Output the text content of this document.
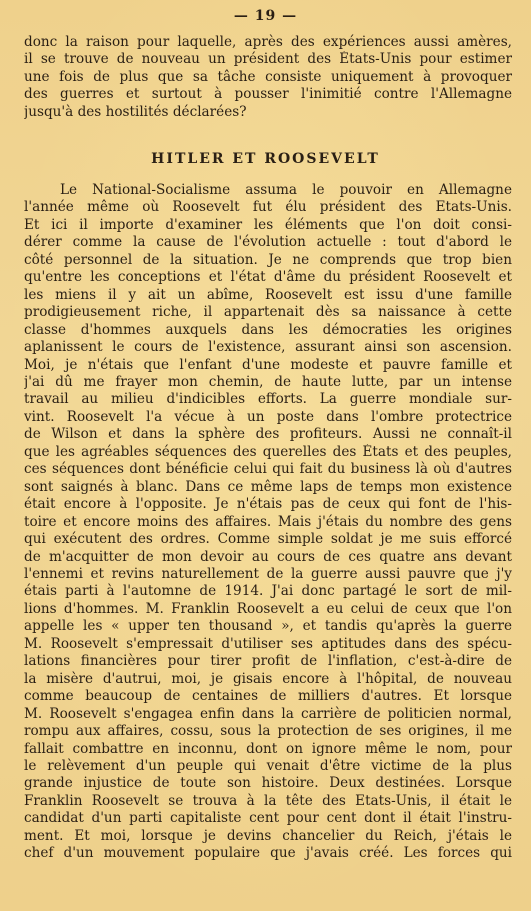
— 19 —
donc la raison pour laquelle, après des expériences aussi amères,
il se trouve de nouveau un président des États-Unis pour estimer
une fois de plus que sa tâche consiste uniquement à provoquer
des guerres et surtout à pousser l'inimitié contre l'Allemagne
jusqu'à des hostilités déclarées?
HITLER ET ROOSEVELT
Le National-Socialisme assuma le pouvoir en Allemagne
l'année même où Roosevelt fut élu président des Etats-Unis.
Et ici il importe d'examiner les éléments que l'on doit consi-
dérer comme la cause de l'évolution actuelle : tout d'abord le
côté personnel de la situation. Je ne comprends que trop bien
qu'entre les conceptions et l'état d'âme du président Roosevelt et
les miens il y ait un abîme, Roosevelt est issu d'une famille
prodigieusement riche, il appartenait dès sa naissance à cette
classe d'hommes auxquels dans les démocraties les origines
aplanissent le cours de l'existence, assurant ainsi son ascension.
Moi, je n'étais que l'enfant d'une modeste et pauvre famille et
j'ai dû me frayer mon chemin, de haute lutte, par un intense
travail au milieu d'indicibles efforts. La guerre mondiale sur-
vint. Roosevelt l'a vécue à un poste dans l'ombre protectrice
de Wilson et dans la sphère des profiteurs. Aussi ne connaît-il
que les agréables séquences des querelles des États et des peuples,
ces séquences dont bénéficie celui qui fait du business là où d'autres
sont saignés à blanc. Dans ce même laps de temps mon existence
était encore à l'opposite. Je n'étais pas de ceux qui font de l'his-
toire et encore moins des affaires. Mais j'étais du nombre des gens
qui exécutent des ordres. Comme simple soldat je me suis efforcé
de m'acquitter de mon devoir au cours de ces quatre ans devant
l'ennemi et revins naturellement de la guerre aussi pauvre que j'y
étais parti à l'automne de 1914. J'ai donc partagé le sort de mil-
lions d'hommes. M. Franklin Roosevelt a eu celui de ceux que l'on
appelle les « upper ten thousand », et tandis qu'après la guerre
M. Roosevelt s'empressait d'utiliser ses aptitudes dans des spécu-
lations financières pour tirer profit de l'inflation, c'est-à-dire de
la misère d'autrui, moi, je gisais encore à l'hôpital, de nouveau
comme beaucoup de centaines de milliers d'autres. Et lorsque
M. Roosevelt s'engagea enfin dans la carrière de politicien normal,
rompu aux affaires, cossu, sous la protection de ses origines, il me
fallait combattre en inconnu, dont on ignore même le nom, pour
le relèvement d'un peuple qui venait d'être victime de la plus
grande injustice de toute son histoire. Deux destinées. Lorsque
Franklin Roosevelt se trouva à la tête des Etats-Unis, il était le
candidat d'un parti capitaliste cent pour cent dont il était l'instru-
ment. Et moi, lorsque je devins chancelier du Reich, j'étais le
chef d'un mouvement populaire que j'avais créé. Les forces qui
